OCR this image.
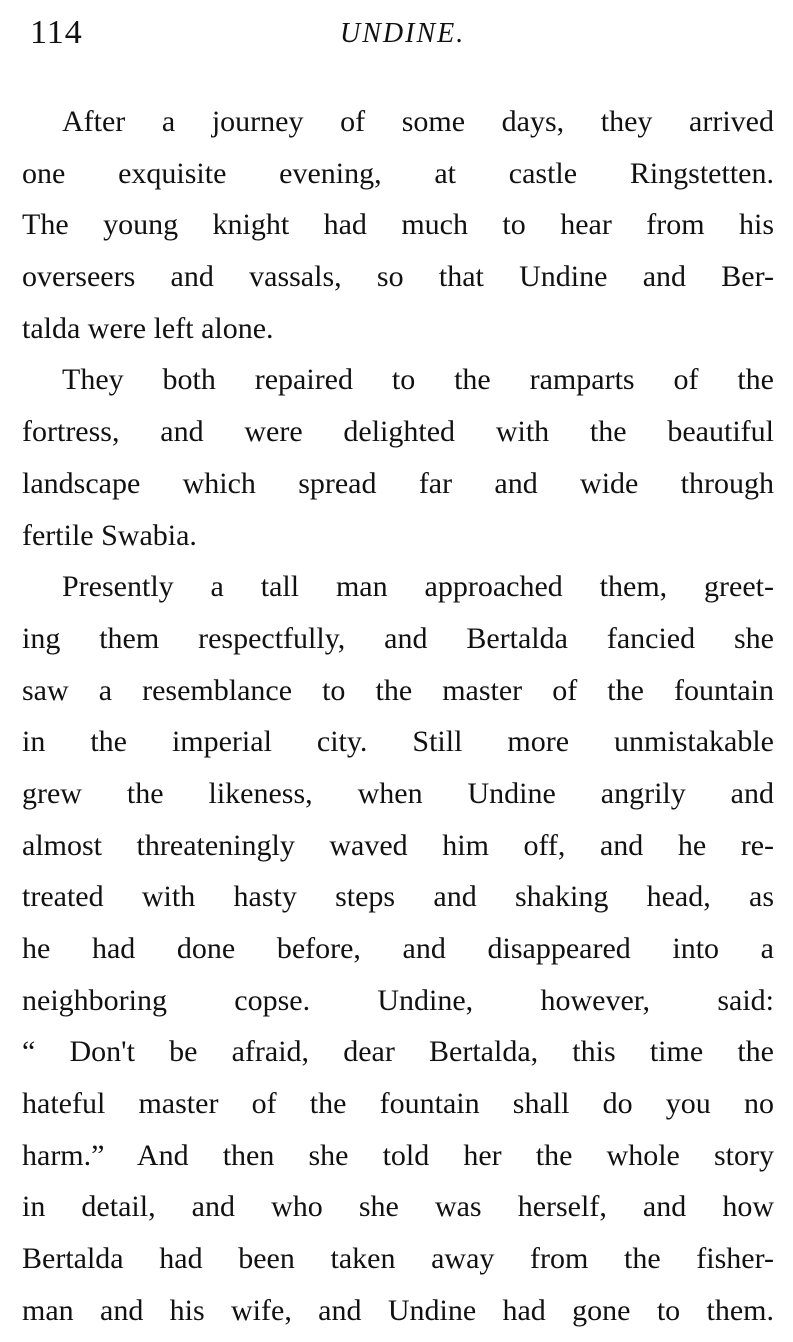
114	UNDINE.
After a journey of some days, they arrived
one exquisite evening, at castle Ringstetten.
The young knight had much to hear from his
overseers and vassals, so that Undine and Ber-
talda were left alone.
They both repaired to the ramparts of the
fortress, and were delighted with the beautiful
landscape which spread far and wide through
fertile Swabia.
Presently a tall man approached them, greet-
ing them respectfully, and Bertalda fancied she
saw a resemblance to the master of the fountain
in the imperial city. Still more unmistakable
grew the likeness, when Undine angrily and
almost threateningly waved him off, and he re-
treated with hasty steps and shaking head, as
he had done before, and disappeared into a
neighboring copse. Undine, however, said:
“ Don't be afraid, dear Bertalda, this time the
hateful master of the fountain shall do you no
harm.” And then she told her the whole story
in detail, and who she was herself, and how
Bertalda had been taken away from the fisher-
man and his wife, and Undine had gone to them.
